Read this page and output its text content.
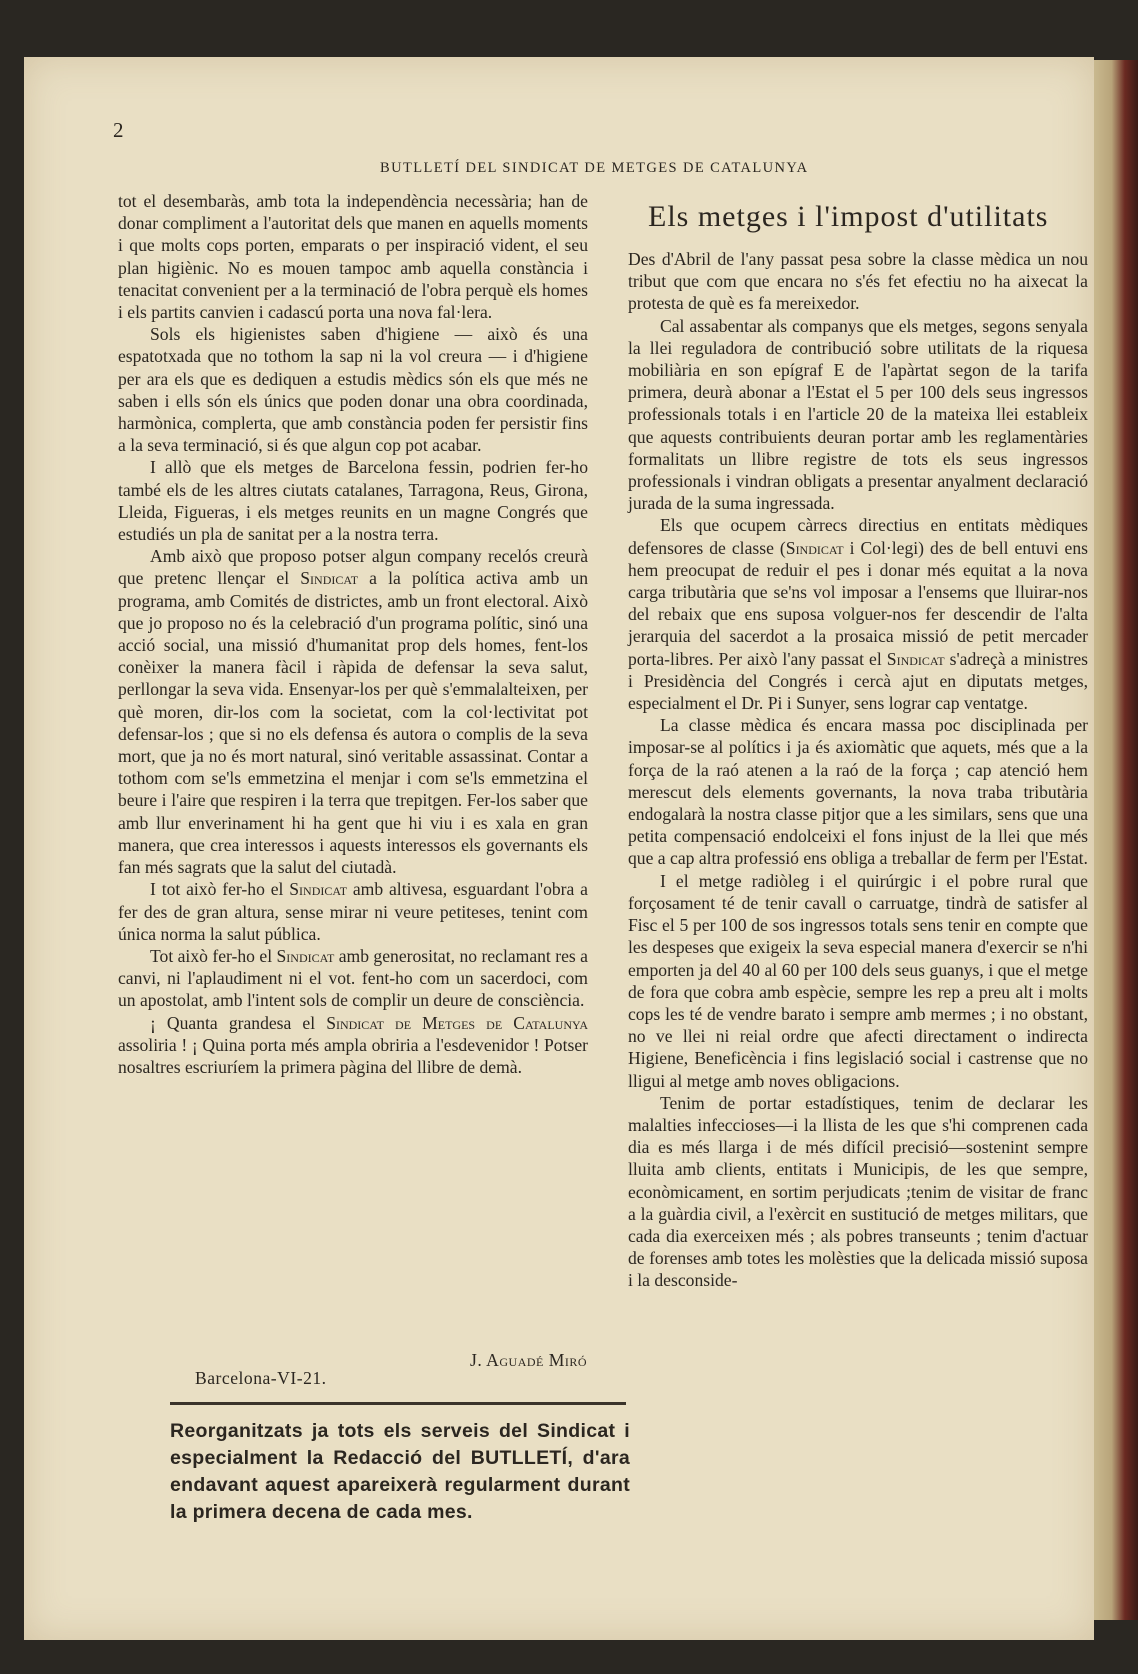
2
BUTLLETÍ DEL SINDICAT DE METGES DE CATALUNYA

tot el desembaràs, amb tota la independència necessària; han de donar compliment a l'autoritat dels que manen en aquells moments i que molts cops porten, emparats o per inspiració vident, el seu plan higiènic. No es mouen tampoc amb aquella constància i tenacitat convenient per a la terminació de l'obra perquè els homes i els partits canvien i cadascú porta una nova fal·lera.

Sols els higienistes saben d'higiene — això és una espatotxada que no tothom la sap ni la vol creura — i d'higiene per ara els que es dediquen a estudis mèdics són els que més ne saben i ells són els únics que poden donar una obra coordinada, harmònica, complerta, que amb constància poden fer persistir fins a la seva terminació, si és que algun cop pot acabar.

I allò que els metges de Barcelona fessin, podrien fer-ho també els de les altres ciutats catalanes, Tarragona, Reus, Girona, Lleida, Figueras, i els metges reunits en un magne Congrés que estudiés un pla de sanitat per a la nostra terra.

Amb això que proposo potser algun company recelós creurà que pretenc llençar el Sindicat a la política activa amb un programa, amb Comités de districtes, amb un front electoral. Això que jo proposo no és la celebració d'un programa polític, sinó una acció social, una missió d'humanitat prop dels homes, fent-los conèixer la manera fàcil i ràpida de defensar la seva salut, perllongar la seva vida. Ensenyar-los per què s'emmalalteixen, per què moren, dir-los com la societat, com la col·lectivitat pot defensar-los ; que si no els defensa és autora o complis de la seva mort, que ja no és mort natural, sinó veritable assassinat. Contar a tothom com se'ls emmetzina el menjar i com se'ls emmetzina el beure i l'aire que respiren i la terra que trepitgen. Fer-los saber que amb llur enverinament hi ha gent que hi viu i es xala en gran manera, que crea interessos i aquests interessos els governants els fan més sagrats que la salut del ciutadà.

I tot això fer-ho el Sindicat amb altivesa, esguardant l'obra a fer des de gran altura, sense mirar ni veure petiteses, tenint com única norma la salut pública.

Tot això fer-ho el Sindicat amb generositat, no reclamant res a canvi, ni l'aplaudiment ni el vot. fent-ho com un sacerdoci, com un apostolat, amb l'intent sols de complir un deure de consciència.

¡ Quanta grandesa el Sindicat de Metges de Catalunya assoliria ! ¡ Quina porta més ampla obriria a l'esdevenidor ! Potser nosaltres escriuríem la primera pàgina del llibre de demà.

J. Aguadé Miró
Barcelona-VI-21.
Reorganitzats ja tots els serveis del Sindicat i especialment la Redacció del BUTLLETÍ, d'ara endavant aquest apareixerà regularment durant la primera decena de cada mes.
Els metges i l'impost d'utilitats

Des d'Abril de l'any passat pesa sobre la classe mèdica un nou tribut que com que encara no s'és fet efectiu no ha aixecat la protesta de què es fa mereixedor.

Cal assabentar als companys que els metges, segons senyala la llei reguladora de contribució sobre utilitats de la riquesa mobiliària en son epígraf E de l'apàrtat segon de la tarifa primera, deurà abonar a l'Estat el 5 per 100 dels seus ingressos professionals totals i en l'article 20 de la mateixa llei estableix que aquests contribuients deuran portar amb les reglamentàries formalitats un llibre registre de tots els seus ingressos professionals i vindran obligats a presentar anyalment declaració jurada de la suma ingressada.

Els que ocupem càrrecs directius en entitats mèdiques defensores de classe (Sindicat i Col·legi) des de bell entuvi ens hem preocupat de reduir el pes i donar més equitat a la nova carga tributària que se'ns vol imposar a l'ensems que lluirar-nos del rebaix que ens suposa volguer-nos fer descendir de l'alta jerarquia del sacerdot a la prosaica missió de petit mercader porta-libres. Per això l'any passat el Sindicat s'adreçà a ministres i Presidència del Congrés i cercà ajut en diputats metges, especialment el Dr. Pi i Sunyer, sens lograr cap ventatge.

La classe mèdica és encara massa poc disciplinada per imposar-se al polítics i ja és axiomàtic que aquets, més que a la força de la raó atenen a la raó de la força ; cap atenció hem merescut dels elements governants, la nova traba tributària endogalarà la nostra classe pitjor que a les similars, sens que una petita compensació endolceixi el fons injust de la llei que més que a cap altra professió ens obliga a treballar de ferm per l'Estat.

I el metge radiòleg i el quirúrgic i el pobre rural que forçosament té de tenir cavall o carruatge, tindrà de satisfer al Fisc el 5 per 100 de sos ingressos totals sens tenir en compte que les despeses que exigeix la seva especial manera d'exercir se n'hi emporten ja del 40 al 60 per 100 dels seus guanys, i que el metge de fora que cobra amb espècie, sempre les rep a preu alt i molts cops les té de vendre barato i sempre amb mermes ; i no obstant, no ve llei ni reial ordre que afecti directament o indirecta Higiene, Beneficència i fins legislació social i castrense que no lligui al metge amb noves obligacions.

Tenim de portar estadístiques, tenim de declarar les malalties infeccioses—i la llista de les que s'hi comprenen cada dia es més llarga i de més difícil precisió—sostenint sempre lluita amb clients, entitats i Municipis, de les que sempre, econòmicament, en sortim perjudicats ;tenim de visitar de franc a la guàrdia civil, a l'exèrcit en sustitució de metges militars, que cada dia exerceixen més ; als pobres transeunts ; tenim d'actuar de forenses amb totes les molèsties que la delicada missió suposa i la desconside-
